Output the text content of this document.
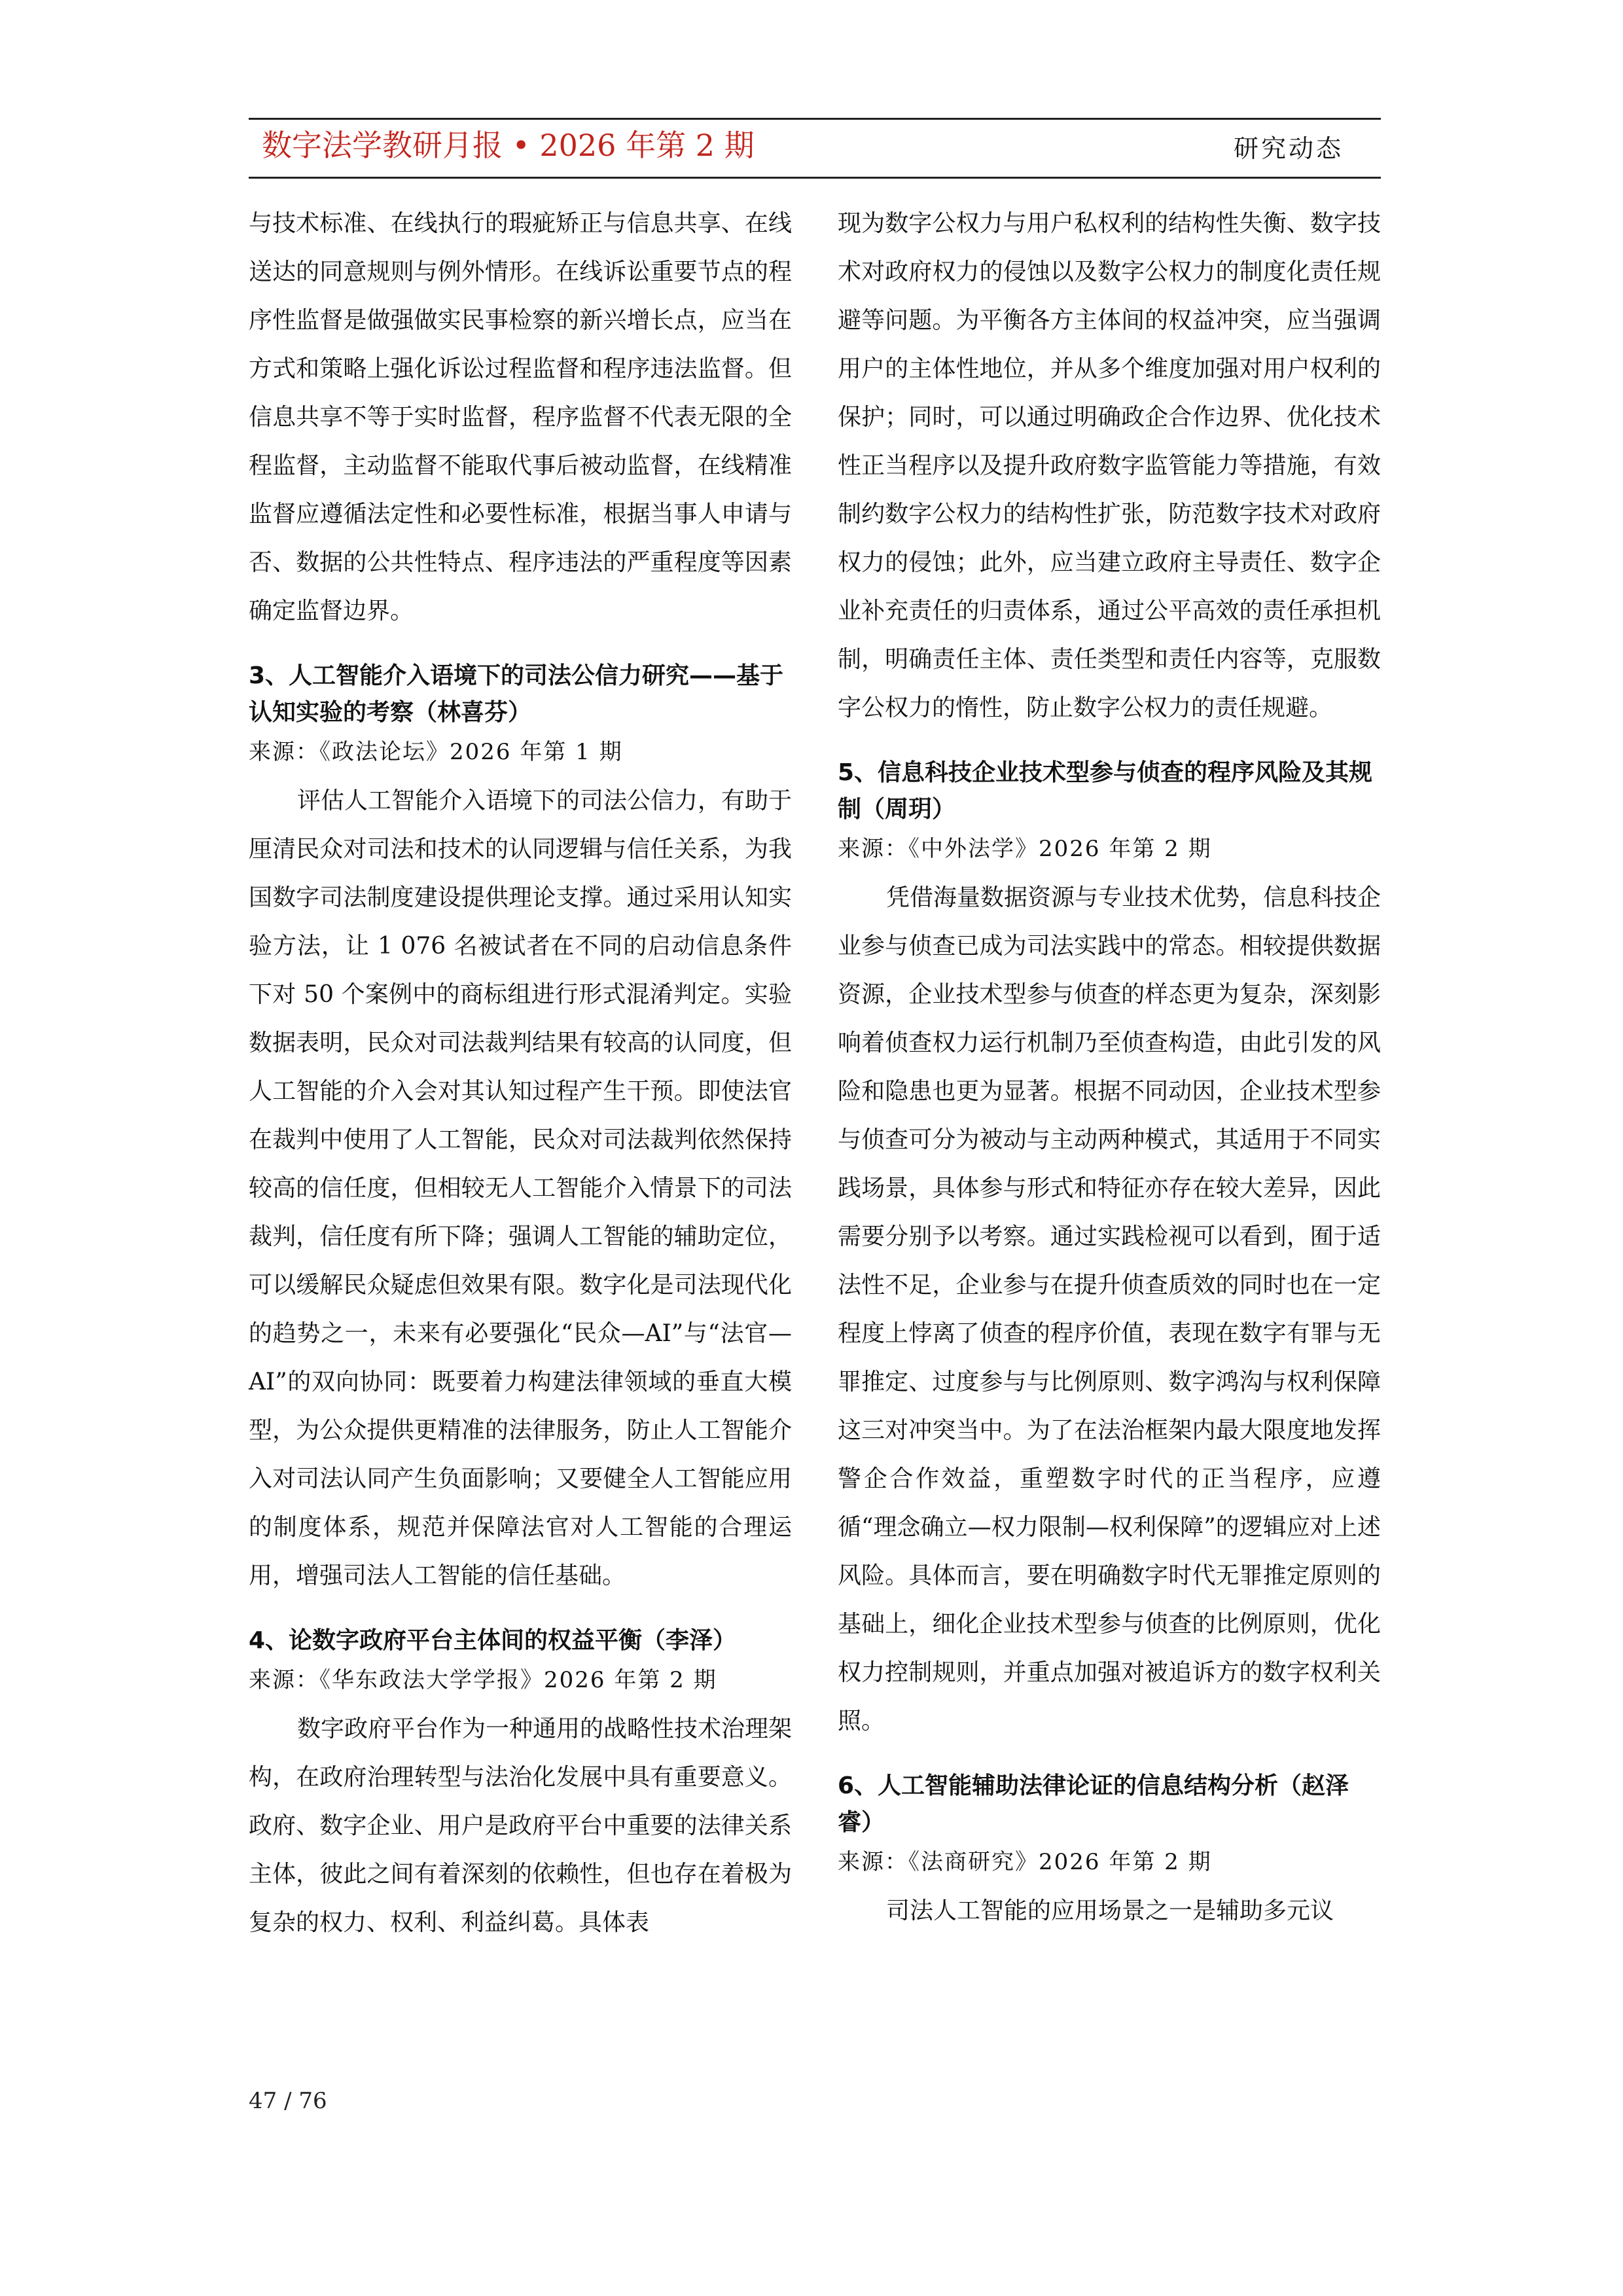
数字法学教研月报 • 2026 年第 2 期	研究动态

与技术标准、在线执行的瑕疵矫正与信息共享、在线送达的同意规则与例外情形。在线诉讼重要节点的程序性监督是做强做实民事检察的新兴增长点，应当在方式和策略上强化诉讼过程监督和程序违法监督。但信息共享不等于实时监督，程序监督不代表无限的全程监督，主动监督不能取代事后被动监督，在线精准监督应遵循法定性和必要性标准，根据当事人申请与否、数据的公共性特点、程序违法的严重程度等因素确定监督边界。

3、人工智能介入语境下的司法公信力研究——基于认知实验的考察（林喜芬）

来源：《政法论坛》2026 年第 1 期

评估人工智能介入语境下的司法公信力，有助于厘清民众对司法和技术的认同逻辑与信任关系，为我国数字司法制度建设提供理论支撑。通过采用认知实验方法，让 1 076 名被试者在不同的启动信息条件下对 50 个案例中的商标组进行形式混淆判定。实验数据表明，民众对司法裁判结果有较高的认同度，但人工智能的介入会对其认知过程产生干预。即使法官在裁判中使用了人工智能，民众对司法裁判依然保持较高的信任度，但相较无人工智能介入情景下的司法裁判，信任度有所下降；强调人工智能的辅助定位，可以缓解民众疑虑但效果有限。数字化是司法现代化的趋势之一，未来有必要强化“民众—AI”与“法官—AI”的双向协同：既要着力构建法律领域的垂直大模型，为公众提供更精准的法律服务，防止人工智能介入对司法认同产生负面影响；又要健全人工智能应用的制度体系，规范并保障法官对人工智能的合理运用，增强司法人工智能的信任基础。

4、论数字政府平台主体间的权益平衡（李泽）

来源：《华东政法大学学报》2026 年第 2 期

数字政府平台作为一种通用的战略性技术治理架构，在政府治理转型与法治化发展中具有重要意义。政府、数字企业、用户是政府平台中重要的法律关系主体，彼此之间有着深刻的依赖性，但也存在着极为复杂的权力、权利、利益纠葛。具体表

现为数字公权力与用户私权利的结构性失衡、数字技术对政府权力的侵蚀以及数字公权力的制度化责任规避等问题。为平衡各方主体间的权益冲突，应当强调用户的主体性地位，并从多个维度加强对用户权利的保护；同时，可以通过明确政企合作边界、优化技术性正当程序以及提升政府数字监管能力等措施，有效制约数字公权力的结构性扩张，防范数字技术对政府权力的侵蚀；此外，应当建立政府主导责任、数字企业补充责任的归责体系，通过公平高效的责任承担机制，明确责任主体、责任类型和责任内容等，克服数字公权力的惰性，防止数字公权力的责任规避。

5、信息科技企业技术型参与侦查的程序风险及其规制（周玥）

来源：《中外法学》2026 年第 2 期

凭借海量数据资源与专业技术优势，信息科技企业参与侦查已成为司法实践中的常态。相较提供数据资源，企业技术型参与侦查的样态更为复杂，深刻影响着侦查权力运行机制乃至侦查构造，由此引发的风险和隐患也更为显著。根据不同动因，企业技术型参与侦查可分为被动与主动两种模式，其适用于不同实践场景，具体参与形式和特征亦存在较大差异，因此需要分别予以考察。通过实践检视可以看到，囿于适法性不足，企业参与在提升侦查质效的同时也在一定程度上悖离了侦查的程序价值，表现在数字有罪与无罪推定、过度参与与比例原则、数字鸿沟与权利保障这三对冲突当中。为了在法治框架内最大限度地发挥警企合作效益，重塑数字时代的正当程序，应遵循“理念确立—权力限制—权利保障”的逻辑应对上述风险。具体而言，要在明确数字时代无罪推定原则的基础上，细化企业技术型参与侦查的比例原则，优化权力控制规则，并重点加强对被追诉方的数字权利关照。

6、人工智能辅助法律论证的信息结构分析（赵泽睿）

来源：《法商研究》2026 年第 2 期

司法人工智能的应用场景之一是辅助多元议

47 / 76
